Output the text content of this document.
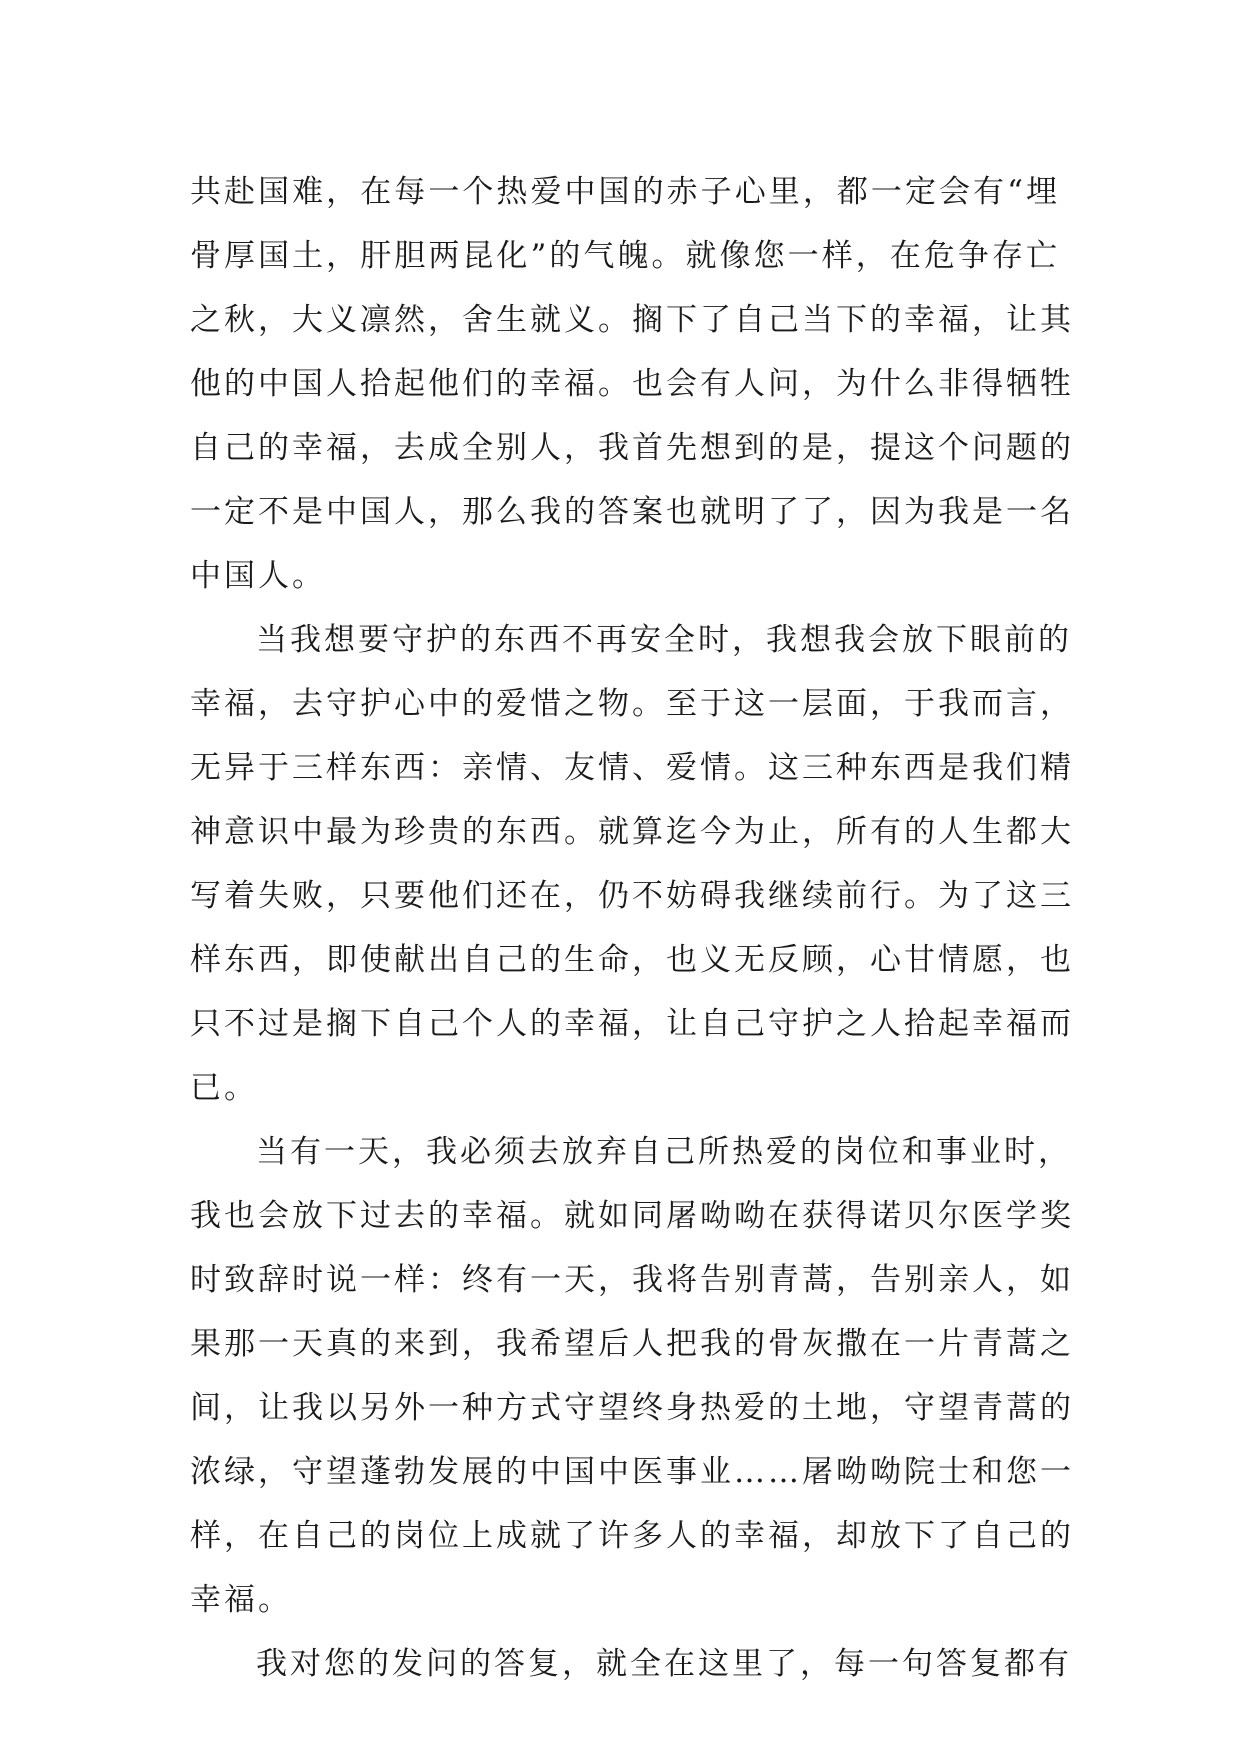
共赴国难，在每一个热爱中国的赤子心里，都一定会有“埋
骨厚国土，肝胆两昆化”的气魄。就像您一样，在危争存亡
之秋，大义凛然，舍生就义。搁下了自己当下的幸福，让其
他的中国人拾起他们的幸福。也会有人问，为什么非得牺牲
自己的幸福，去成全别人，我首先想到的是，提这个问题的
一定不是中国人，那么我的答案也就明了了，因为我是一名
中国人。
当我想要守护的东西不再安全时，我想我会放下眼前的
幸福，去守护心中的爱惜之物。至于这一层面，于我而言，
无异于三样东西：亲情、友情、爱情。这三种东西是我们精
神意识中最为珍贵的东西。就算迄今为止，所有的人生都大
写着失败，只要他们还在，仍不妨碍我继续前行。为了这三
样东西，即使献出自己的生命，也义无反顾，心甘情愿，也
只不过是搁下自己个人的幸福，让自己守护之人拾起幸福而
已。
当有一天，我必须去放弃自己所热爱的岗位和事业时，
我也会放下过去的幸福。就如同屠呦呦在获得诺贝尔医学奖
时致辞时说一样：终有一天，我将告别青蒿，告别亲人，如
果那一天真的来到，我希望后人把我的骨灰撒在一片青蒿之
间，让我以另外一种方式守望终身热爱的土地，守望青蒿的
浓绿，守望蓬勃发展的中国中医事业……屠呦呦院士和您一
样，在自己的岗位上成就了许多人的幸福，却放下了自己的
幸福。
我对您的发问的答复，就全在这里了，每一句答复都有
